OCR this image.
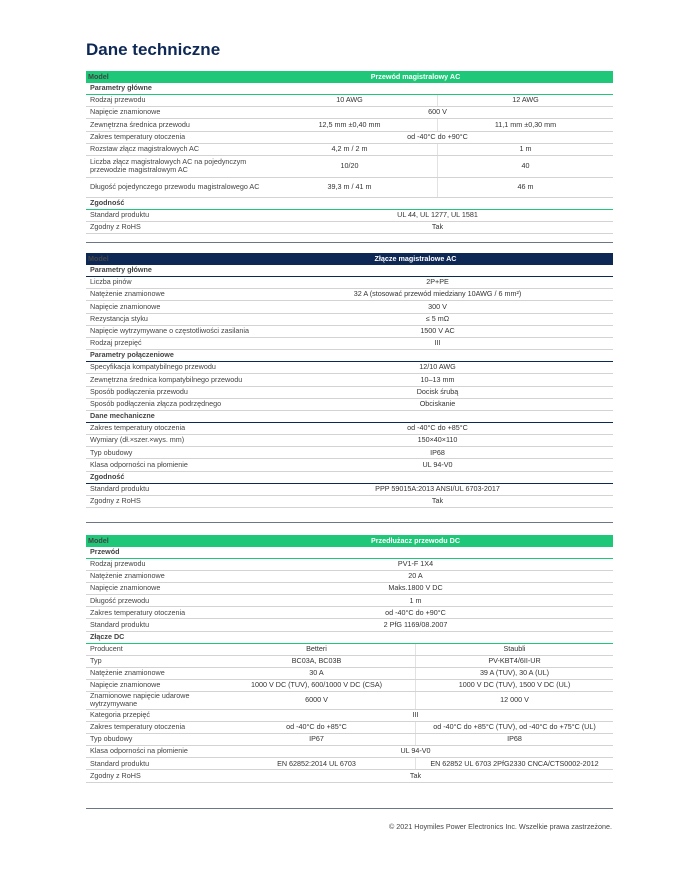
Dane techniczne
Model	Przewód magistralowy AC
Parametry główne
Rodzaj przewodu	10 AWG	12 AWG
Napięcie znamionowe	600 V
Zewnętrzna średnica przewodu	12,5 mm ±0,40 mm	11,1 mm ±0,30 mm
Zakres temperatury otoczenia	od -40°C do +90°C
Rozstaw złącz magistralowych AC	4,2 m / 2 m	1 m
Liczba złącz magistralowych AC na pojedynczym przewodzie magistralowym AC	10/20	40
Długość pojedynczego przewodu magistralowego AC	39,3 m / 41 m	46 m
Zgodność
Standard produktu	UL 44, UL 1277, UL 1581
Zgodny z RoHS	Tak
Model	Złącze magistralowe AC
Parametry główne
Liczba pinów	2P+PE
Natężenie znamionowe	32 A (stosować przewód miedziany 10AWG / 6 mm²)
Napięcie znamionowe	300 V
Rezystancja styku	≤ 5 mΩ
Napięcie wytrzymywane o częstotliwości zasilania	1500 V AC
Rodzaj przepięć	III
Parametry połączeniowe
Specyfikacja kompatybilnego przewodu	12/10 AWG
Zewnętrzna średnica kompatybilnego przewodu	10–13 mm
Sposób podłączenia przewodu	Docisk śrubą
Sposób podłączenia złącza podrzędnego	Obciskanie
Dane mechaniczne
Zakres temperatury otoczenia	od -40°C do +85°C
Wymiary (dł.×szer.×wys. mm)	150×40×110
Typ obudowy	IP68
Klasa odporności na płomienie	UL 94-V0
Zgodność
Standard produktu	PPP 59015A:2013 ANSI/UL 6703-2017
Zgodny z RoHS	Tak
Model	Przedłużacz przewodu DC
Przewód
Rodzaj przewodu	PV1-F 1X4
Natężenie znamionowe	20 A
Napięcie znamionowe	Maks.1800 V DC
Długość przewodu	1 m
Zakres temperatury otoczenia	od -40°C do +90°C
Standard produktu	2 PfG 1169/08.2007
Złącze DC
Producent	Betteri	Staubli
Typ	BC03A, BC03B	PV-KBT4/6II-UR
Natężenie znamionowe	30 A	39 A (TUV), 30 A (UL)
Napięcie znamionowe	1000 V DC (TUV), 600/1000 V DC (CSA)	1000 V DC (TUV), 1500 V DC (UL)
Znamionowe napięcie udarowe wytrzymywane	6000 V	12 000 V
Kategoria przepięć	III
Zakres temperatury otoczenia	od -40°C do +85°C	od -40°C do +85°C (TUV), od -40°C do +75°C (UL)
Typ obudowy	IP67	IP68
Klasa odporności na płomienie	UL 94-V0
Standard produktu	EN 62852:2014 UL 6703	EN 62852 UL 6703 2PfG2330 CNCA/CTS0002-2012
Zgodny z RoHS	Tak
© 2021 Hoymiles Power Electronics Inc. Wszelkie prawa zastrzeżone.
